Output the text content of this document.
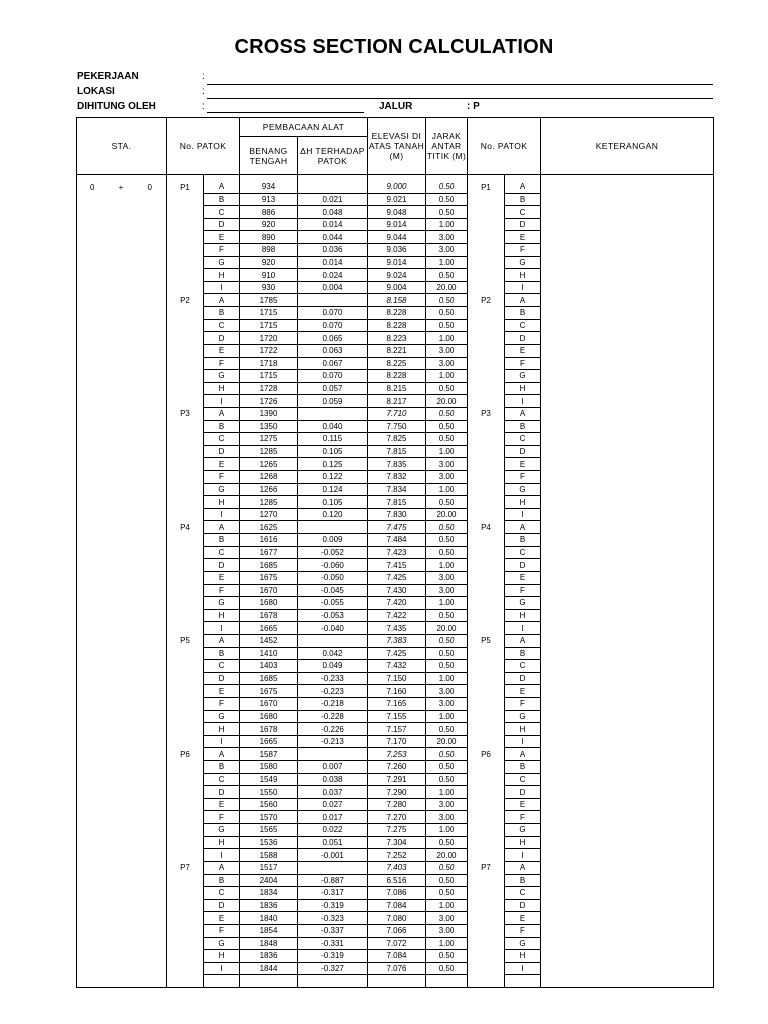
CROSS SECTION CALCULATION
PEKERJAAN	:
LOKASI	:
DIHITUNG OLEH	:	JALUR	: P
STA.	No. PATOK		PEMBACAAN ALAT		ELEVASI DI ATAS TANAH (M)	JARAK ANTAR TITIK (M)	No. PATOK		KETERANGAN
			BENANG TENGAH	ΔH TERHADAP PATOK					

0 + 0	P1	A	934		9.000	0.50	P1	A	
		B	913	0.021	9.021	0.50		B	
		C	886	0.048	9.048	0.50		C	
		D	920	0.014	9.014	1.00		D	
		E	890	0.044	9.044	3.00		E	
		F	898	0.036	9.036	3.00		F	
		G	920	0.014	9.014	1.00		G	
		H	910	0.024	9.024	0.50		H	
		I	930	0.004	9.004	20.00		I	
	P2	A	1785		8.158	0.50	P2	A	
		B	1715	0.070	8.228	0.50		B	
		C	1715	0.070	8.228	0.50		C	
		D	1720	0.065	8.223	1.00		D	
		E	1722	0.063	8.221	3.00		E	
		F	1718	0.067	8.225	3.00		F	
		G	1715	0.070	8.228	1.00		G	
		H	1728	0.057	8.215	0.50		H	
		I	1726	0.059	8.217	20.00		I	
	P3	A	1390		7.710	0.50	P3	A	
		B	1350	0.040	7.750	0.50		B	
		C	1275	0.115	7.825	0.50		C	
		D	1285	0.105	7.815	1.00		D	
		E	1265	0.125	7.835	3.00		E	
		F	1268	0.122	7.832	3.00		F	
		G	1266	0.124	7.834	1.00		G	
		H	1285	0.105	7.815	0.50		H	
		I	1270	0.120	7.830	20.00		I	
	P4	A	1625		7.475	0.50	P4	A	
		B	1616	0.009	7.484	0.50		B	
		C	1677	-0.052	7.423	0.50		C	
		D	1685	-0.060	7.415	1.00		D	
		E	1675	-0.050	7.425	3.00		E	
		F	1670	-0.045	7.430	3.00		F	
		G	1680	-0.055	7.420	1.00		G	
		H	1678	-0.053	7.422	0.50		H	
		I	1665	-0.040	7.435	20.00		I	
	P5	A	1452		7.383	0.50	P5	A	
		B	1410	0.042	7.425	0.50		B	
		C	1403	0.049	7.432	0.50		C	
		D	1685	-0.233	7.150	1.00		D	
		E	1675	-0.223	7.160	3.00		E	
		F	1670	-0.218	7.165	3.00		F	
		G	1680	-0.228	7.155	1.00		G	
		H	1678	-0.226	7.157	0.50		H	
		I	1665	-0.213	7.170	20.00		I	
	P6	A	1587		7.253	0.50	P6	A	
		B	1580	0.007	7.260	0.50		B	
		C	1549	0.038	7.291	0.50		C	
		D	1550	0.037	7.290	1.00		D	
		E	1560	0.027	7.280	3.00		E	
		F	1570	0.017	7.270	3.00		F	
		G	1565	0.022	7.275	1.00		G	
		H	1536	0.051	7.304	0.50		H	
		I	1588	-0.001	7.252	20.00		I	
	P7	A	1517		7.403	0.50	P7	A	
		B	2404	-0.887	6.516	0.50		B	
		C	1834	-0.317	7.086	0.50		C	
		D	1836	-0.319	7.084	1.00		D	
		E	1840	-0.323	7.080	3.00		E	
		F	1854	-0.337	7.066	3.00		F	
		G	1848	-0.331	7.072	1.00		G	
		H	1836	-0.319	7.084	0.50		H	
		I	1844	-0.327	7.076	0.50		I	
